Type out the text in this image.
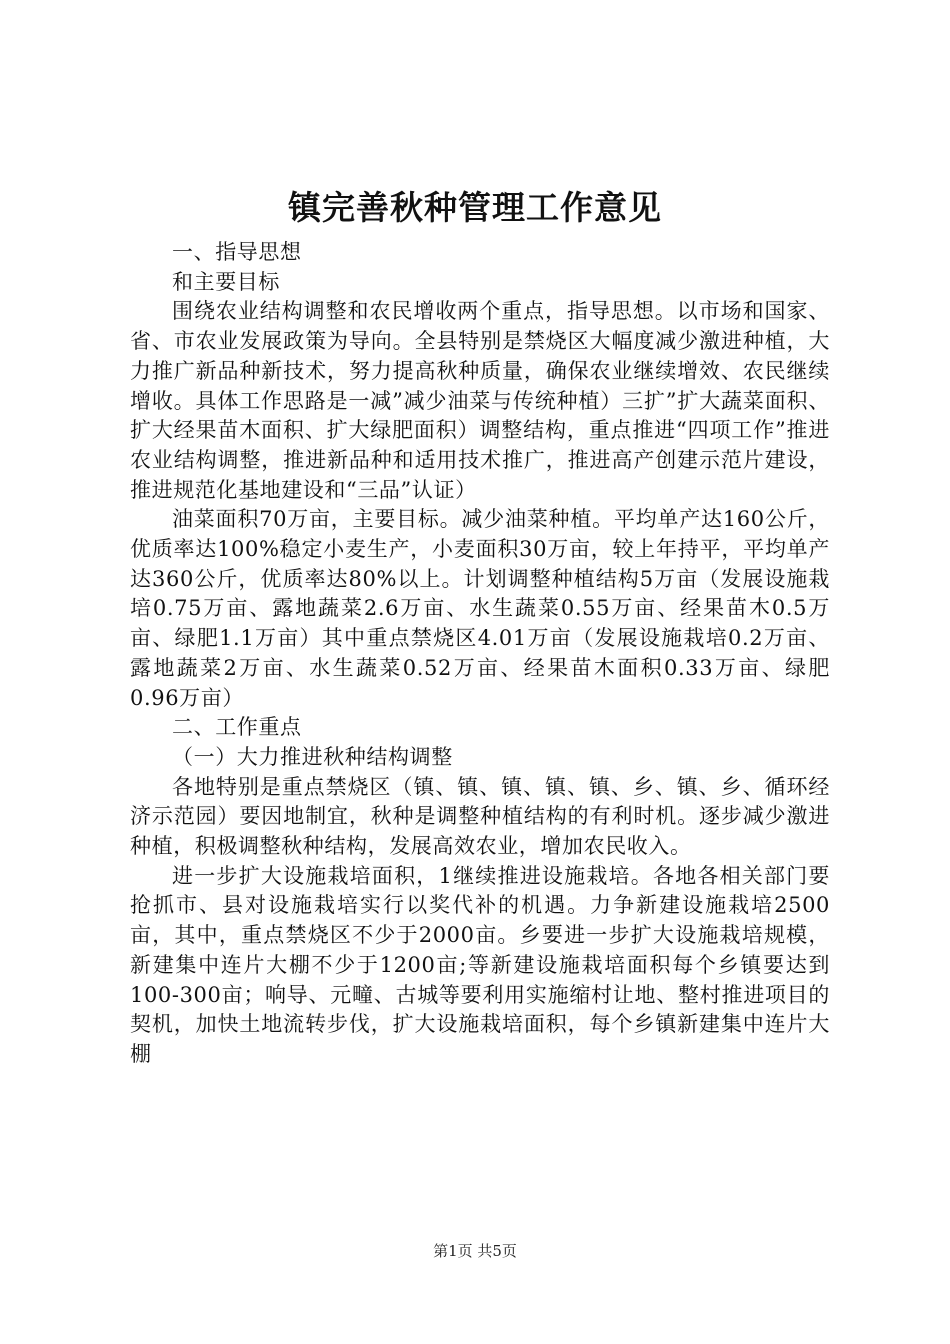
镇完善秋种管理工作意见

一、指导思想

和主要目标

围绕农业结构调整和农民增收两个重点，指导思想。以市场和国家、省、市农业发展政策为导向。全县特别是禁烧区大幅度减少激进种植，大力推广新品种新技术，努力提高秋种质量，确保农业继续增效、农民继续增收。具体工作思路是一减”减少油菜与传统种植）三扩”扩大蔬菜面积、扩大经果苗木面积、扩大绿肥面积）调整结构，重点推进“四项工作”推进农业结构调整，推进新品种和适用技术推广，推进高产创建示范片建设，推进规范化基地建设和“三品”认证）

油菜面积70万亩，主要目标。减少油菜种植。平均单产达160公斤，优质率达100%稳定小麦生产，小麦面积30万亩，较上年持平，平均单产达360公斤，优质率达80%以上。计划调整种植结构5万亩（发展设施栽培0.75万亩、露地蔬菜2.6万亩、水生蔬菜0.55万亩、经果苗木0.5万亩、绿肥1.1万亩）其中重点禁烧区4.01万亩（发展设施栽培0.2万亩、露地蔬菜2万亩、水生蔬菜0.52万亩、经果苗木面积0.33万亩、绿肥0.96万亩）

二、工作重点

（一）大力推进秋种结构调整

各地特别是重点禁烧区（镇、镇、镇、镇、镇、乡、镇、乡、循环经济示范园）要因地制宜，秋种是调整种植结构的有利时机。逐步减少激进种植，积极调整秋种结构，发展高效农业，增加农民收入。

进一步扩大设施栽培面积，1继续推进设施栽培。各地各相关部门要抢抓市、县对设施栽培实行以奖代补的机遇。力争新建设施栽培2500亩，其中，重点禁烧区不少于2000亩。乡要进一步扩大设施栽培规模，新建集中连片大棚不少于1200亩;等新建设施栽培面积每个乡镇要达到100-300亩；响导、元疃、古城等要利用实施缩村让地、整村推进项目的契机，加快土地流转步伐，扩大设施栽培面积，每个乡镇新建集中连片大棚

第1页 共5页
